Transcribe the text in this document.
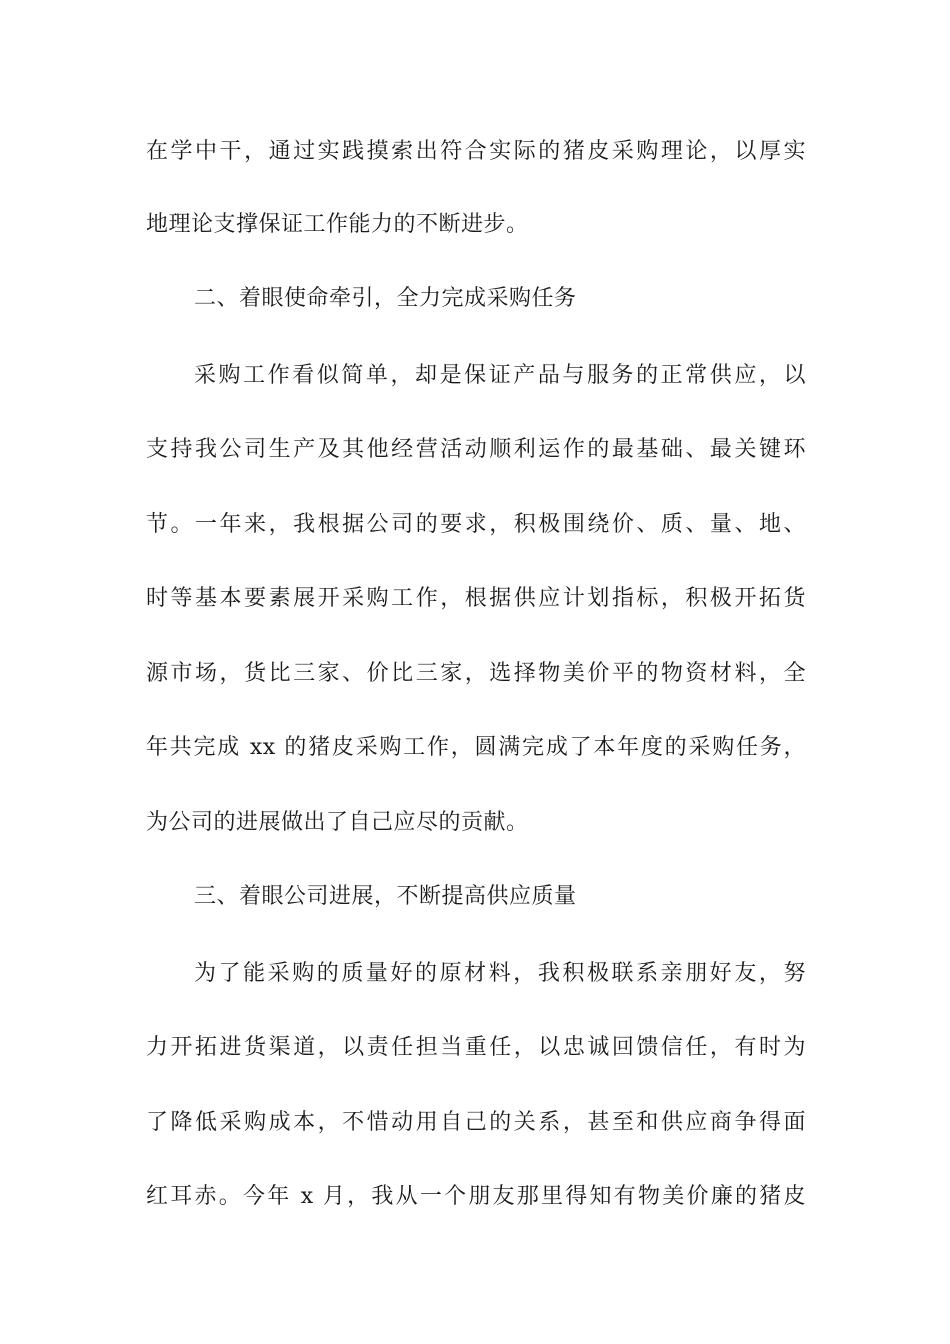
在学中干，通过实践摸索出符合实际的猪皮采购理论，以厚实
地理论支撑保证工作能力的不断进步。
二、着眼使命牵引，全力完成采购任务
采购工作看似简单，却是保证产品与服务的正常供应，以
支持我公司生产及其他经营活动顺利运作的最基础、最关键环
节。一年来，我根据公司的要求，积极围绕价、质、量、地、
时等基本要素展开采购工作，根据供应计划指标，积极开拓货
源市场，货比三家、价比三家，选择物美价平的物资材料，全
年共完成 xx 的猪皮采购工作，圆满完成了本年度的采购任务，
为公司的进展做出了自己应尽的贡献。
三、着眼公司进展，不断提高供应质量
为了能采购的质量好的原材料，我积极联系亲朋好友，努
力开拓进货渠道，以责任担当重任，以忠诚回馈信任，有时为
了降低采购成本，不惜动用自己的关系，甚至和供应商争得面
红耳赤。今年 x 月，我从一个朋友那里得知有物美价廉的猪皮
